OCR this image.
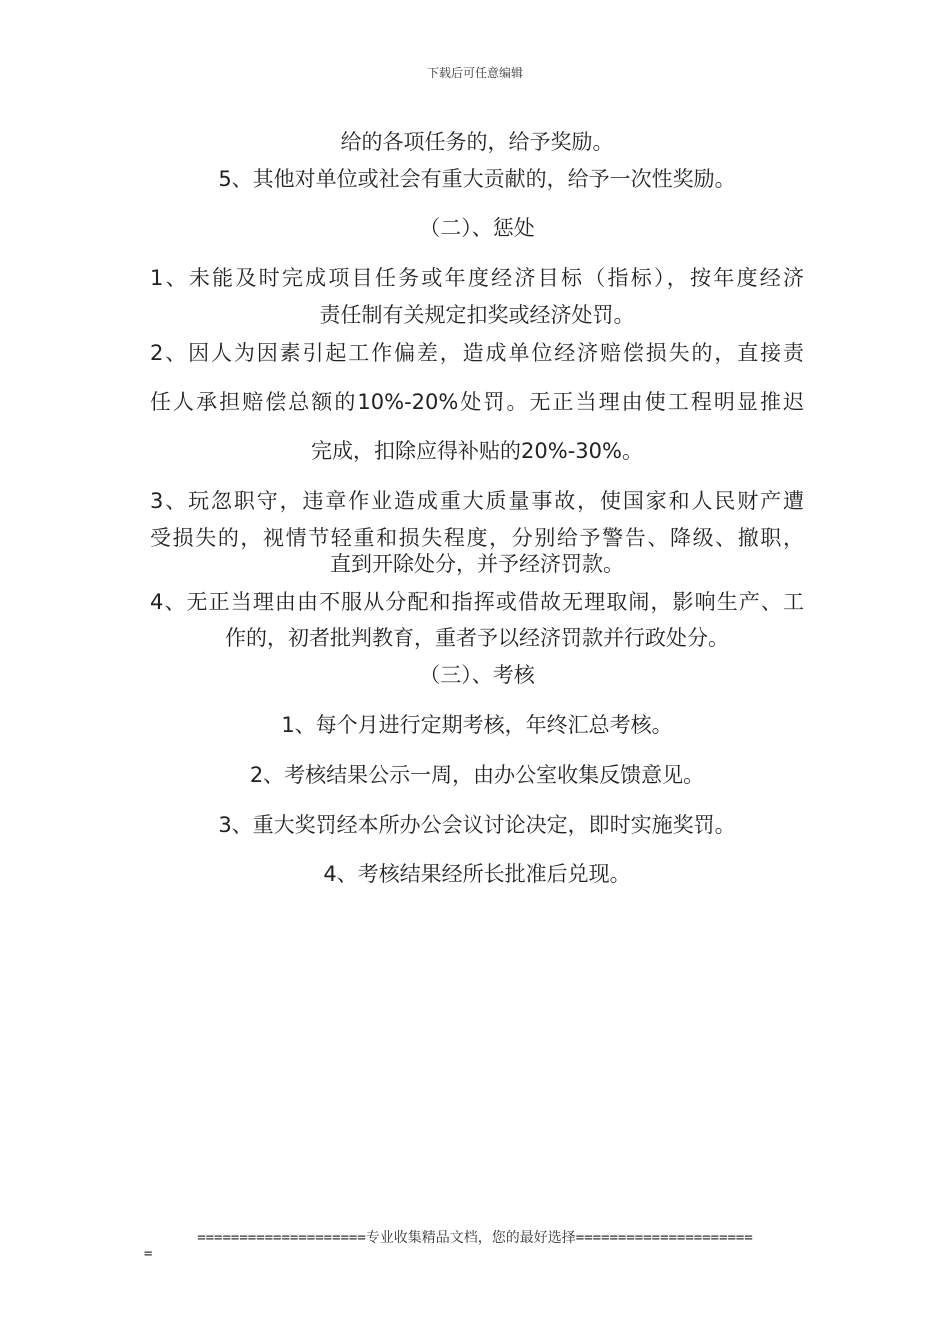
下载后可任意编辑
给的各项任务的，给予奖励。
5、其他对单位或社会有重大贡献的，给予一次性奖励。
（二）、惩处
1、未能及时完成项目任务或年度经济目标（指标），按年度经济
责任制有关规定扣奖或经济处罚。
2、因人为因素引起工作偏差，造成单位经济赔偿损失的，直接责
任人承担赔偿总额的10%-20%处罚。无正当理由使工程明显推迟
完成，扣除应得补贴的20%-30%。
3、玩忽职守，违章作业造成重大质量事故，使国家和人民财产遭
受损失的，视情节轻重和损失程度，分别给予警告、降级、撤职，
直到开除处分，并予经济罚款。
4、无正当理由由不服从分配和指挥或借故无理取闹，影响生产、工
作的，初者批判教育，重者予以经济罚款并行政处分。
（三）、考核
1、每个月进行定期考核，年终汇总考核。
2、考核结果公示一周，由办公室收集反馈意见。
3、重大奖罚经本所办公会议讨论决定，即时实施奖罚。
4、考核结果经所长批准后兑现。
====================专业收集精品文档，您的最好选择=====================
=
